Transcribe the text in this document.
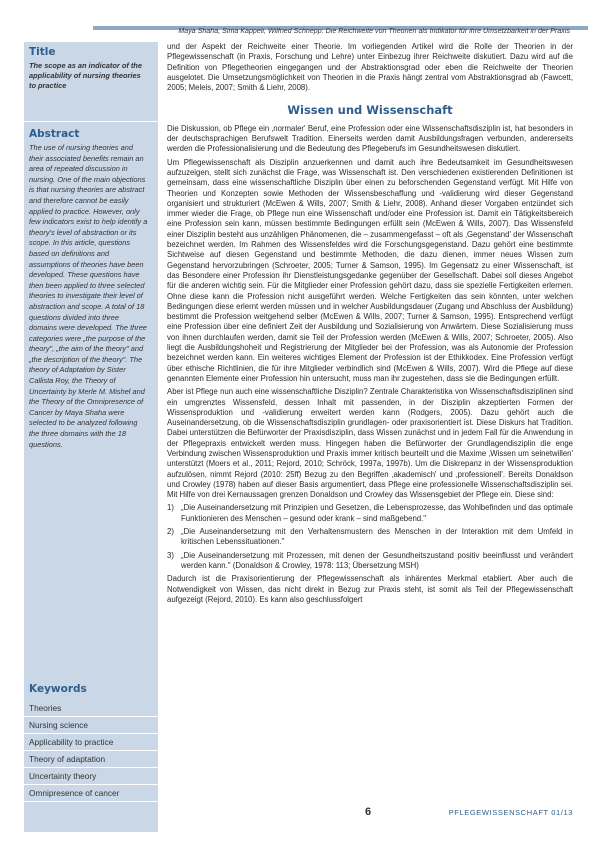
Maya Shaha, Sima Kappeli, Wilfried Schnepp: Die Reichweite von Theorien als Indikator für ihre Umsetzbarkeit in der Praxis
Title

The scope as an indicator of the applicability of nursing theories to practice

Abstract

The use of nursing theories and their associated benefits remain an area of repeated discussion in nursing. One of the main objections is that nursing theories are abstract and therefore cannot be easily applied to practice. However, only few indicators exist to help identify a theory's level of abstraction or its scope. In this article, questions based on definitions and assumptions of theories have been developed. These questions have then been applied to three selected theories to investigate their level of abstraction and scope. A total of 18 questions divided into three domains were developed. The three categories were „the purpose of the theory", „the aim of the theory" and „the description of the theory". The theory of Adaptation by Sister Callista Roy, the Theory of Uncertainty by Merle M. Mishel and the Theory of the Omnipresence of Cancer by Maya Shaha were selected to be analyzed following the three domains with the 18 questions.

Keywords
Theories
Nursing science
Applicability to practice
Theory of adaptation
Uncertainty theory
Omnipresence of cancer

und der Aspekt der Reichweite einer Theorie. Im vorliegenden Artikel wird die Rolle der Theorien in der Pflegewissenschaft (in Praxis, Forschung und Lehre) unter Einbezug ihrer Reichweite diskutiert. Dazu wird auf die Definition von Pflegetheorien eingegangen und der Abstraktionsgrad oder eben die Reichweite der Theorien ausgelotet. Die Umsetzungsmöglichkeit von Theorien in die Praxis hängt zentral vom Abstraktionsgrad ab (Fawcett, 2005; Meleis, 2007; Smith & Liehr, 2008).

Wissen und Wissenschaft

Die Diskussion, ob Pflege ein ‚normaler' Beruf, eine Profession oder eine Wissenschaftsdisziplin ist, hat besonders in der deutschsprachigen Berufswelt Tradition. Einerseits werden damit Ausbildungsfragen verbunden, andererseits werden die Professionalisierung und die Bedeutung des Pflegeberufs im Gesundheitswesen diskutiert.

Um Pflegewissenschaft als Disziplin anzuerkennen und damit auch ihre Bedeutsamkeit im Gesundheitswesen aufzuzeigen, stellt sich zunächst die Frage, was Wissenschaft ist. Den verschiedenen existierenden Definitionen ist gemeinsam, dass eine wissenschaftliche Disziplin über einen zu beforschenden Gegenstand verfügt. Mit Hilfe von Theorien und Konzepten sowie Methoden der Wissensbeschaffung und -validierung wird dieser Gegenstand organisiert und strukturiert (McEwen & Wills, 2007; Smith & Liehr, 2008). Anhand dieser Vorgaben entzündet sich immer wieder die Frage, ob Pflege nun eine Wissenschaft und/oder eine Profession ist. Damit ein Tätigkeitsbereich eine Profession sein kann, müssen bestimmte Bedingungen erfüllt sein (McEwen & Wills, 2007). Das Wissensfeld einer Disziplin besteht aus unzähligen Phänomenen, die – zusammengefasst – oft als ‚Gegenstand' der Wissenschaft bezeichnet werden. Im Rahmen des Wissensfeldes wird die Forschungsgegenstand. Dazu gehört eine bestimmte Sichtweise auf diesen Gegenstand und bestimmte Methoden, die dazu dienen, immer neues Wissen zum Gegenstand hervorzubringen (Schroeter, 2005; Turner & Samson, 1995). Im Gegensatz zu einer Wissenschaft, ist das Besondere einer Profession ihr Dienstleistungsgedanke gegenüber der Gesellschaft. Dabei soll dieses Angebot für die anderen wichtig sein. Für die Mitglieder einer Profession gehört dazu, dass sie spezielle Fertigkeiten erlernen. Ohne diese kann die Profession nicht ausgeführt werden. Welche Fertigkeiten das sein könnten, unter welchen Bedingungen diese erlernt werden müssen und in welcher Ausbildungsdauer (Zugang und Abschluss der Ausbildung) bestimmt die Profession weitgehend selber (McEwen & Wills, 2007; Turner & Samson, 1995). Entsprechend verfügt eine Profession über eine definiert Zeit der Ausbildung und Sozialisierung von Anwärtern. Diese Sozialisierung muss von ihnen durchlaufen werden, damit sie Teil der Profession werden (McEwen & Wills, 2007; Schroeter, 2005). Also liegt die Ausbildungshoheit und Registrierung der Mitglieder bei der Profession, was als Autonomie der Profession bezeichnet werden kann. Ein weiteres wichtiges Element der Profession ist der Ethikkodex. Eine Profession verfügt über ethische Richtlinien, die für ihre Mitglieder verbindlich sind (McEwen & Wills, 2007). Wird die Pflege auf diese genannten Elemente einer Profession hin untersucht, muss man ihr zugestehen, dass sie die Bedingungen erfüllt.

Aber ist Pflege nun auch eine wissenschaftliche Disziplin? Zentrale Charakteristika von Wissenschaftsdisziplinen sind ein umgrenztes Wissensfeld, dessen Inhalt mit passenden, in der Disziplin akzeptierten Formen der Wissensproduktion und -validierung erweitert werden kann (Rodgers, 2005). Dazu gehört auch die Auseinandersetzung, ob die Wissenschaftsdisziplin grundlagen- oder praxisorientiert ist. Diese Diskurs hat Tradition. Dabei unterstützen die Befürworter der Praxisdisziplin, dass Wissen zunächst und in jedem Fall für die Anwendung in der Pflegepraxis entwickelt werden muss. Hingegen haben die Befürworter der Grundlagendisziplin die enge Verbindung zwischen Wissensproduktion und Praxis immer kritisch beurteilt und die Maxime ‚Wissen um seinetwillen' unterstützt (Moers et al., 2011; Rejord, 2010; Schröck, 1997a, 1997b). Um die Diskrepanz in der Wissensproduktion aufzulösen, nimmt Rejord (2010: 25ff) Bezug zu den Begriffen ‚akademisch' und ‚professionell'. Bereits Donaldson und Crowley (1978) haben auf dieser Basis argumentiert, dass Pflege eine professionelle Wissenschaftsdisziplin sei. Mit Hilfe von drei Kernaussagen grenzen Donaldson und Crowley das Wissensgebiet der Pflege ein. Diese sind:

1) „Die Auseinandersetzung mit Prinzipien und Gesetzen, die Lebensprozesse, das Wohlbefinden und das optimale Funktionieren des Menschen – gesund oder krank – sind maßgebend."
2) „Die Auseinandersetzung mit den Verhaltensmustern des Menschen in der Interaktion mit dem Umfeld in kritischen Lebenssituationen."
3) „Die Auseinandersetzung mit Prozessen, mit denen der Gesundheitszustand positiv beeinflusst und verändert werden kann." (Donaldson & Crowley, 1978: 113; Übersetzung MSH)

Dadurch ist die Praxisorientierung der Pflegewissenschaft als inhärentes Merkmal etabliert. Aber auch die Notwendigkeit von Wissen, das nicht direkt in Bezug zur Praxis steht, ist somit als Teil der Pflegewissenschaft aufgezeigt (Rejord, 2010). Es kann also geschlussfolgert

6	PFLEGEWISSENSCHAFT 01/13
